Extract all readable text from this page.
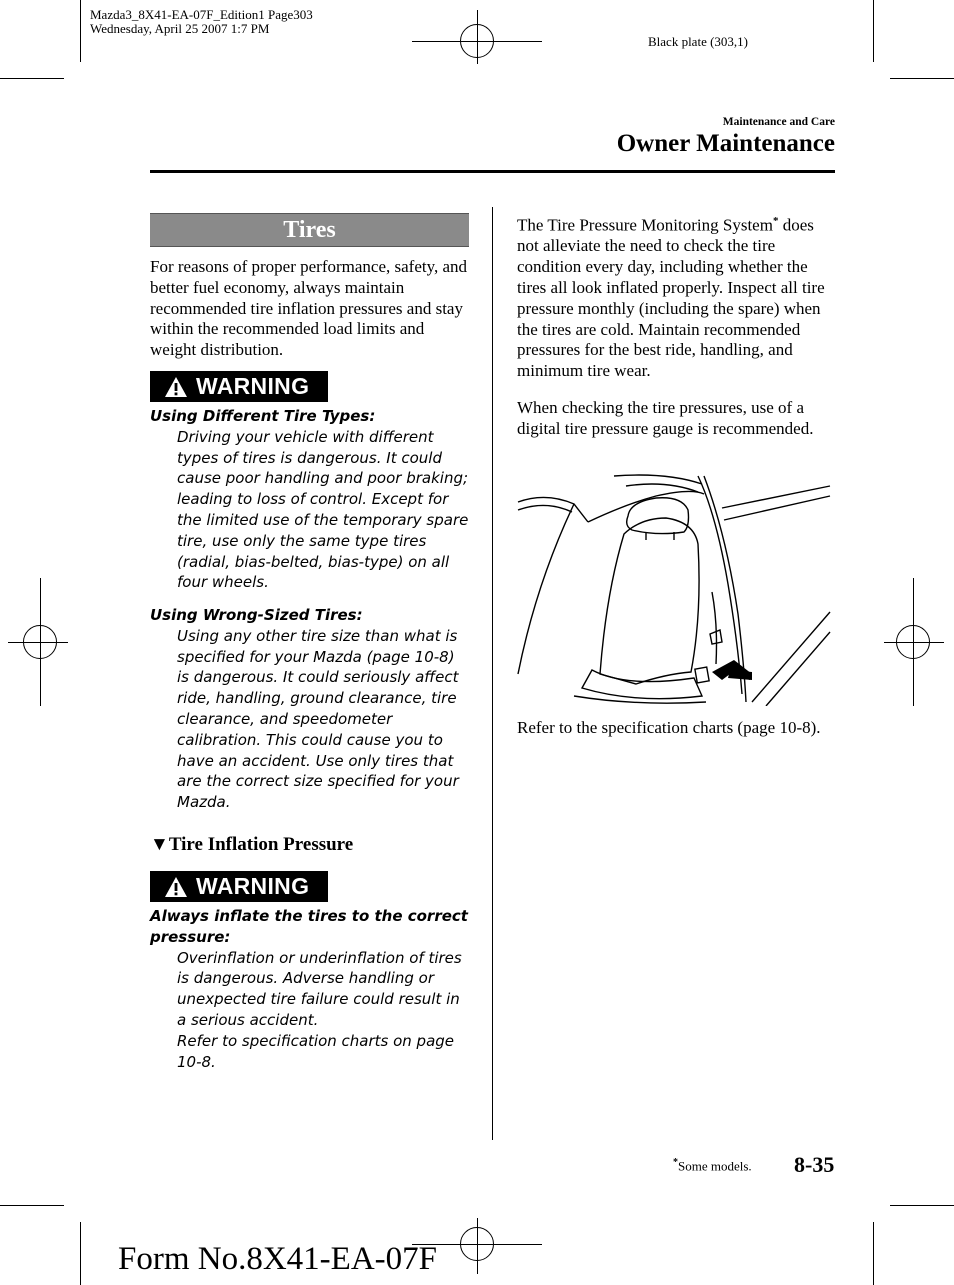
Mazda3_8X41-EA-07F_Edition1 Page303
Wednesday, April 25 2007 1:7 PM
Black plate (303,1)
Maintenance and Care
Owner Maintenance
Tires
For reasons of proper performance, safety, and better fuel economy, always maintain recommended tire inflation pressures and stay within the recommended load limits and weight distribution.
WARNING
Using Different Tire Types:
Driving your vehicle with different types of tires is dangerous. It could cause poor handling and poor braking; leading to loss of control. Except for the limited use of the temporary spare tire, use only the same type tires (radial, bias-belted, bias-type) on all four wheels.
Using Wrong-Sized Tires:
Using any other tire size than what is specified for your Mazda (page 10-8) is dangerous. It could seriously affect ride, handling, ground clearance, tire clearance, and speedometer calibration. This could cause you to have an accident. Use only tires that are the correct size specified for your Mazda.
▼Tire Inflation Pressure
WARNING
Always inflate the tires to the correct pressure:
Overinflation or underinflation of tires is dangerous. Adverse handling or unexpected tire failure could result in a serious accident.
Refer to specification charts on page 10-8.
The Tire Pressure Monitoring System* does not alleviate the need to check the tire condition every day, including whether the tires all look inflated properly. Inspect all tire pressure monthly (including the spare) when the tires are cold. Maintain recommended pressures for the best ride, handling, and minimum tire wear.
When checking the tire pressures, use of a digital tire pressure gauge is recommended.
Refer to the specification charts (page 10-8).
*Some models. 8-35
Form No.8X41-EA-07F
